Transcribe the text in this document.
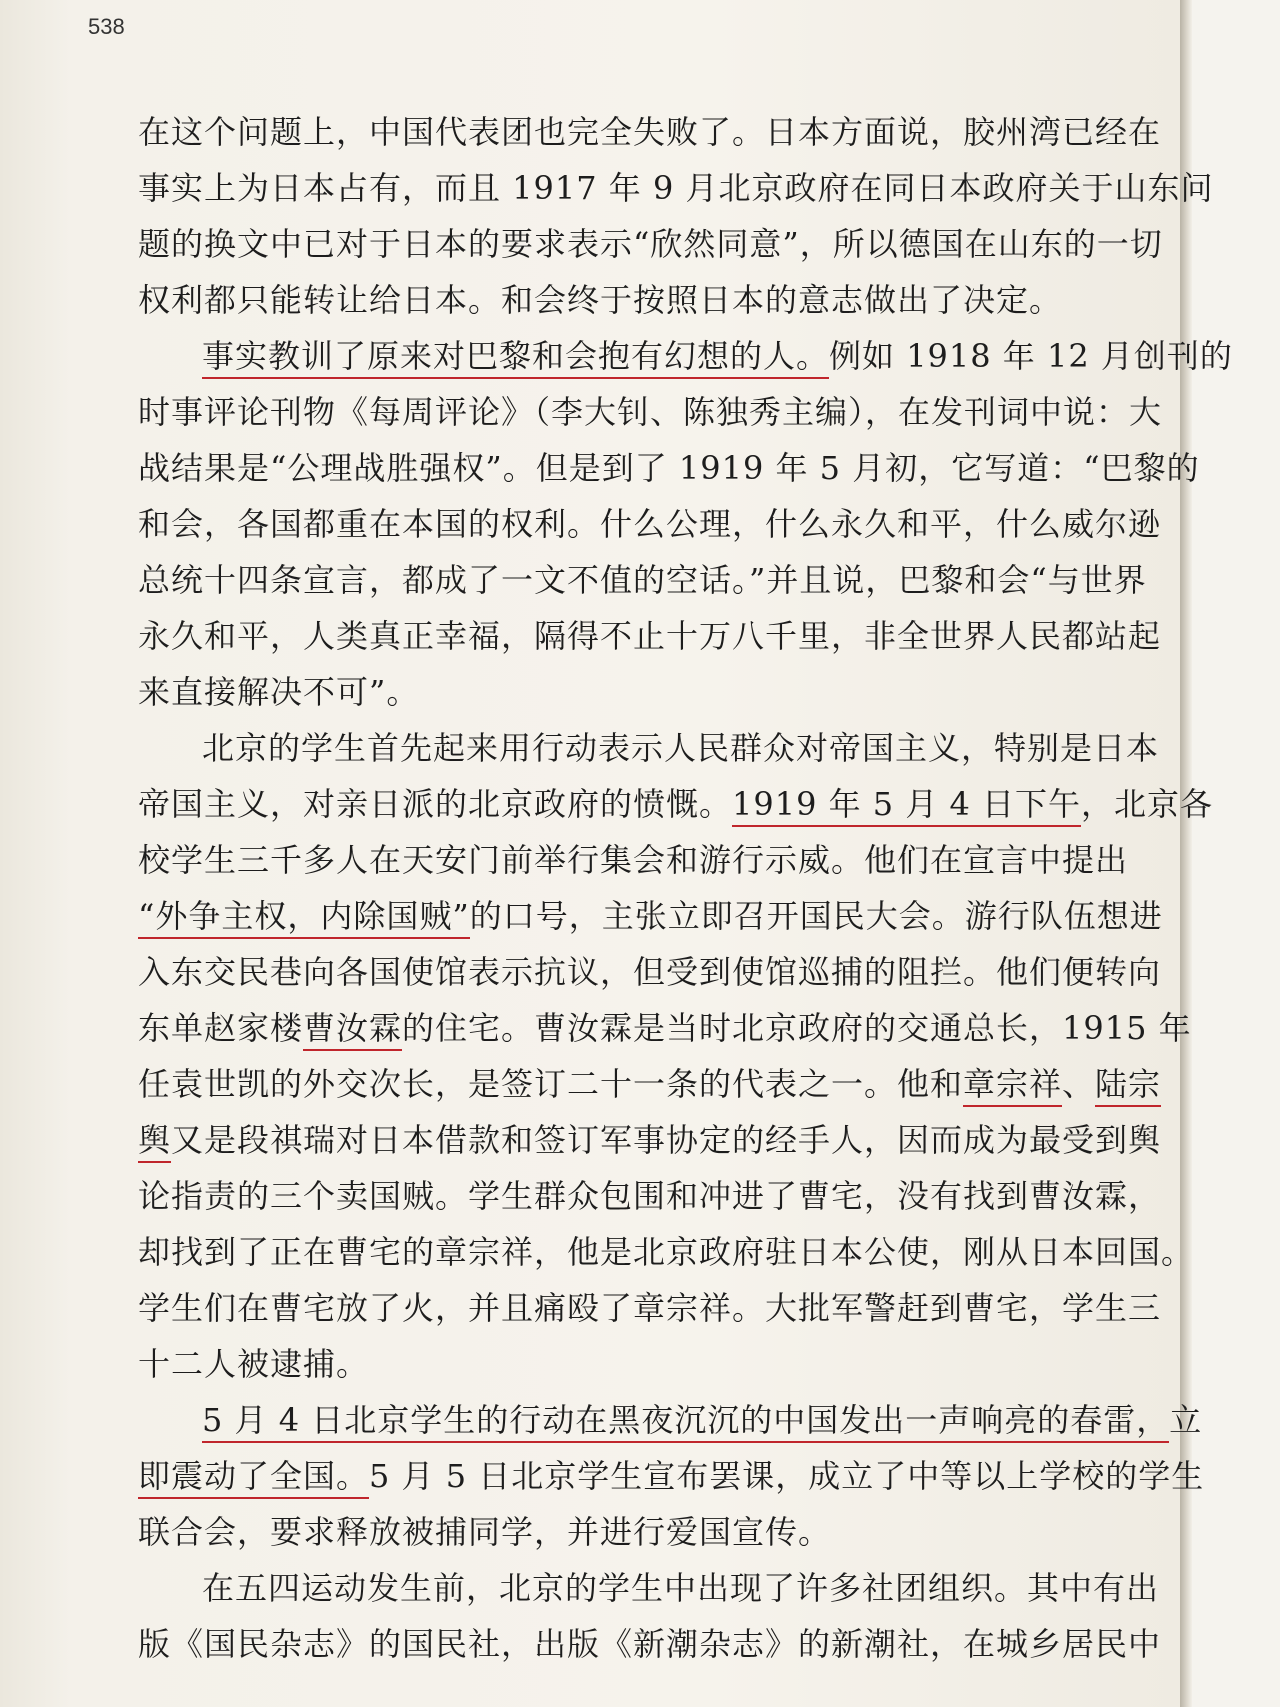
538

在这个问题上，中国代表团也完全失败了。日本方面说，胶州湾已经在
事实上为日本占有，而且 1917 年 9 月北京政府在同日本政府关于山东问
题的换文中已对于日本的要求表示“欣然同意”，所以德国在山东的一切
权利都只能转让给日本。和会终于按照日本的意志做出了决定。

事实教训了原来对巴黎和会抱有幻想的人。例如 1918 年 12 月创刊的
时事评论刊物《每周评论》（李大钊、陈独秀主编），在发刊词中说：大
战结果是“公理战胜强权”。但是到了 1919 年 5 月初，它写道：“巴黎的
和会，各国都重在本国的权利。什么公理，什么永久和平，什么威尔逊
总统十四条宣言，都成了一文不值的空话。”并且说，巴黎和会“与世界
永久和平，人类真正幸福，隔得不止十万八千里，非全世界人民都站起
来直接解决不可”。

北京的学生首先起来用行动表示人民群众对帝国主义，特别是日本
帝国主义，对亲日派的北京政府的愤慨。1919 年 5 月 4 日下午，北京各
校学生三千多人在天安门前举行集会和游行示威。他们在宣言中提出
“外争主权，内除国贼”的口号，主张立即召开国民大会。游行队伍想进
入东交民巷向各国使馆表示抗议，但受到使馆巡捕的阻拦。他们便转向
东单赵家楼曹汝霖的住宅。曹汝霖是当时北京政府的交通总长，1915 年
任袁世凯的外交次长，是签订二十一条的代表之一。他和章宗祥、陆宗
舆又是段祺瑞对日本借款和签订军事协定的经手人，因而成为最受到舆
论指责的三个卖国贼。学生群众包围和冲进了曹宅，没有找到曹汝霖，
却找到了正在曹宅的章宗祥，他是北京政府驻日本公使，刚从日本回国。
学生们在曹宅放了火，并且痛殴了章宗祥。大批军警赶到曹宅，学生三
十二人被逮捕。

5 月 4 日北京学生的行动在黑夜沉沉的中国发出一声响亮的春雷，立
即震动了全国。5 月 5 日北京学生宣布罢课，成立了中等以上学校的学生
联合会，要求释放被捕同学，并进行爱国宣传。

在五四运动发生前，北京的学生中出现了许多社团组织。其中有出
版《国民杂志》的国民社，出版《新潮杂志》的新潮社，在城乡居民中
